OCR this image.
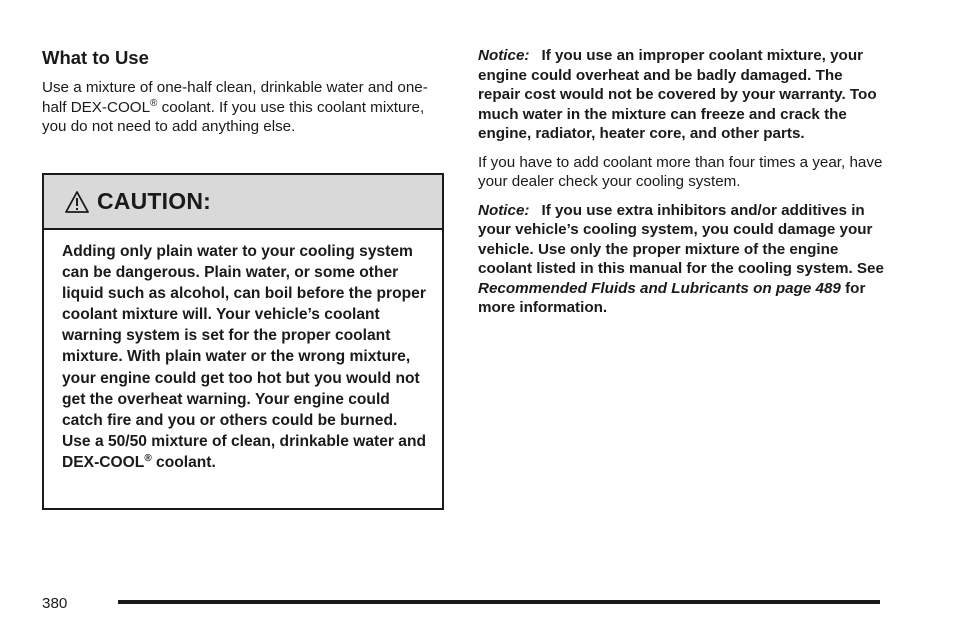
What to Use

Use a mixture of one-half clean, drinkable water and one-half DEX-COOL® coolant. If you use this coolant mixture, you do not need to add anything else.

CAUTION:
Adding only plain water to your cooling system can be dangerous. Plain water, or some other liquid such as alcohol, can boil before the proper coolant mixture will. Your vehicle’s coolant warning system is set for the proper coolant mixture. With plain water or the wrong mixture, your engine could get too hot but you would not get the overheat warning. Your engine could catch fire and you or others could be burned. Use a 50/50 mixture of clean, drinkable water and DEX-COOL® coolant.

Notice: If you use an improper coolant mixture, your engine could overheat and be badly damaged. The repair cost would not be covered by your warranty. Too much water in the mixture can freeze and crack the engine, radiator, heater core, and other parts.

If you have to add coolant more than four times a year, have your dealer check your cooling system.

Notice: If you use extra inhibitors and/or additives in your vehicle’s cooling system, you could damage your vehicle. Use only the proper mixture of the engine coolant listed in this manual for the cooling system. See Recommended Fluids and Lubricants on page 489 for more information.

380
